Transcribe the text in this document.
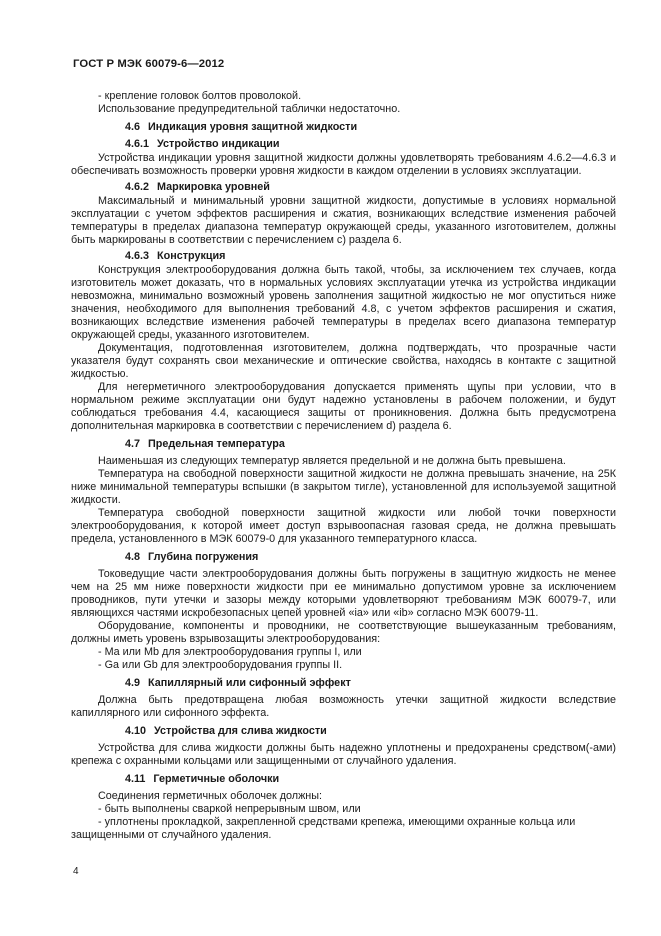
ГОСТ Р МЭК 60079-6—2012

- крепление головок болтов проволокой.

Использование предупредительной таблички недостаточно.

4.6 Индикация уровня защитной жидкости

4.6.1 Устройство индикации

Устройства индикации уровня защитной жидкости должны удовлетворять требованиям 4.6.2—4.6.3 и обеспечивать возможность проверки уровня жидкости в каждом отделении в условиях эксплуатации.

4.6.2 Маркировка уровней

Максимальный и минимальный уровни защитной жидкости, допустимые в условиях нормальной эксплуатации с учетом эффектов расширения и сжатия, возникающих вследствие изменения рабочей температуры в пределах диапазона температур окружающей среды, указанного изготовителем, должны быть маркированы в соответствии с перечислением c) раздела 6.

4.6.3 Конструкция

Конструкция электрооборудования должна быть такой, чтобы, за исключением тех случаев, когда изготовитель может доказать, что в нормальных условиях эксплуатации утечка из устройства индикации невозможна, минимально возможный уровень заполнения защитной жидкостью не мог опуститься ниже значения, необходимого для выполнения требований 4.8, с учетом эффектов расширения и сжатия, возникающих вследствие изменения рабочей температуры в пределах всего диапазона температур окружающей среды, указанного изготовителем.

Документация, подготовленная изготовителем, должна подтверждать, что прозрачные части указателя будут сохранять свои механические и оптические свойства, находясь в контакте с защитной жидкостью.

Для негерметичного электрооборудования допускается применять щупы при условии, что в нормальном режиме эксплуатации они будут надежно установлены в рабочем положении, и будут соблюдаться требования 4.4, касающиеся защиты от проникновения. Должна быть предусмотрена дополнительная маркировка в соответствии с перечислением d) раздела 6.

4.7 Предельная температура

Наименьшая из следующих температур является предельной и не должна быть превышена.

Температура на свободной поверхности защитной жидкости не должна превышать значение, на 25К ниже минимальной температуры вспышки (в закрытом тигле), установленной для используемой защитной жидкости.

Температура свободной поверхности защитной жидкости или любой точки поверхности электрооборудования, к которой имеет доступ взрывоопасная газовая среда, не должна превышать предела, установленного в МЭК 60079-0 для указанного температурного класса.

4.8 Глубина погружения

Токоведущие части электрооборудования должны быть погружены в защитную жидкость не менее чем на 25 мм ниже поверхности жидкости при ее минимально допустимом уровне за исключением проводников, пути утечки и зазоры между которыми удовлетворяют требованиям МЭК 60079-7, или являющихся частями искробезопасных цепей уровней «ia» или «ib» согласно МЭК 60079-11.

Оборудование, компоненты и проводники, не соответствующие вышеуказанным требованиям, должны иметь уровень взрывозащиты электрооборудования:

- Ma или Mb для электрооборудования группы I, или

- Ga или Gb для электрооборудования группы II.

4.9 Капиллярный или сифонный эффект

Должна быть предотвращена любая возможность утечки защитной жидкости вследствие капиллярного или сифонного эффекта.

4.10 Устройства для слива жидкости

Устройства для слива жидкости должны быть надежно уплотнены и предохранены средством(-ами) крепежа с охранными кольцами или защищенными от случайного удаления.

4.11 Герметичные оболочки

Соединения герметичных оболочек должны:

- быть выполнены сваркой непрерывным швом, или

- уплотнены прокладкой, закрепленной средствами крепежа, имеющими охранные кольца или защищенными от случайного удаления.

4
